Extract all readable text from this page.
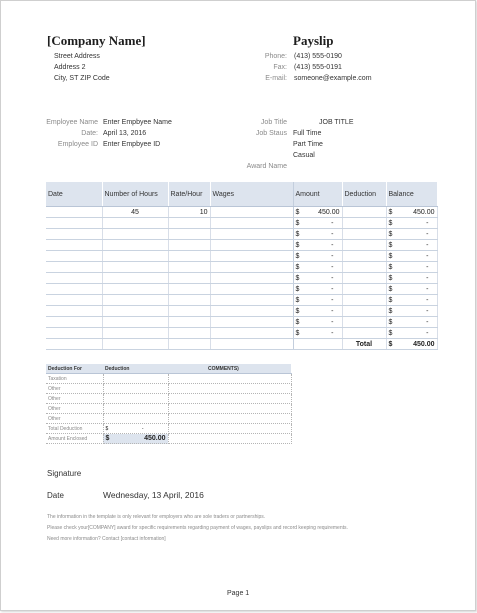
[Company Name]	Payslip
Street Address
Address 2
City, ST ZIP Code
Phone: (413) 555-0190
Fax: (413) 555-0191
E-mail: someone@example.com
Employee Name Enter Empbyee Name
Date: April 13, 2016
Employee ID Enter Empbyee ID
Job Title	JOB TITLE
Job Staus Full Time
Part Time
Casual
Award Name
Date	Number of Hours	Rate/Hour	Wages	Amount	Deduction	Balance
	45	10		$ 450.00		$ 450.00

				$ -		$ -

				$ -		$ -

				$ -		$ -

				$ -		$ -

				$ -		$ -

				$ -		$ -

				$ -		$ -

				$ -		$ -

				$ -		$ -

				$ -		$ -

				$ -		$ -

					Total	$ 450.00
Deduction For	Deduction	COMMENTS)
Taxation		
Other		
Other		
Other		
Other		
Total Deduction	$ -	

Amount Enclosed	$ 450.00	

Signature
Date	Wednesday, 13 April, 2016
The information in the template is only relevant for employers who are sole traders or partnerships.
Please check your[COMPANY] award for specific requirements regarding payment of wages, payslips and record keeping requirements.
Need more information? Contact [contact information]
Page 1
